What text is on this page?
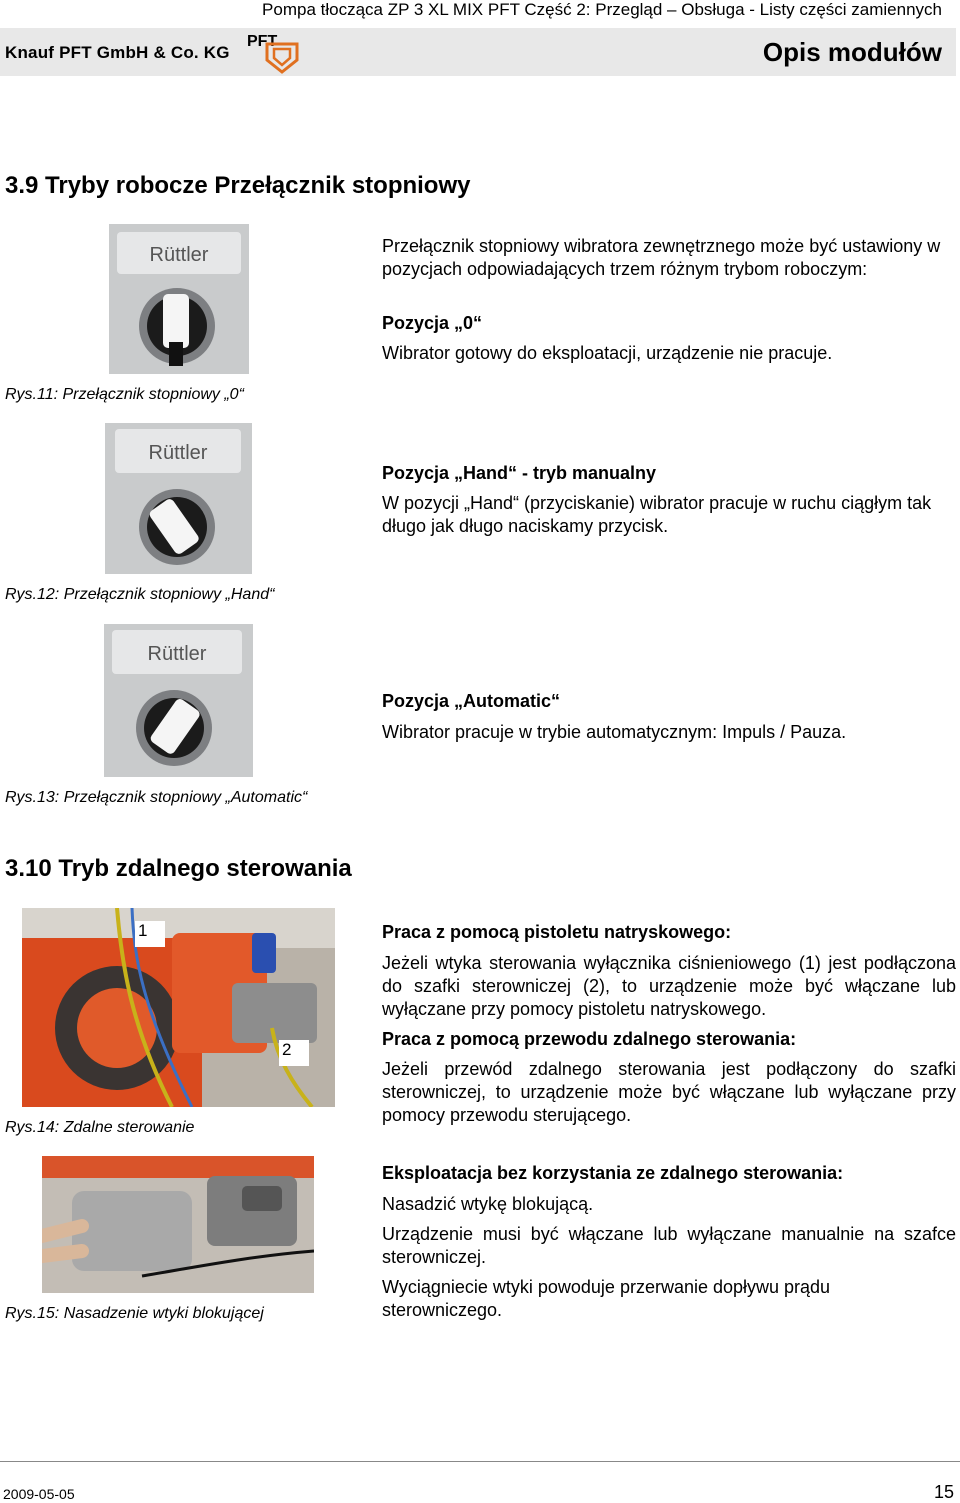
Pompa tłocząca ZP 3 XL MIX PFT Część 2: Przegląd – Obsługa - Listy części zamiennych
Knauf PFT GmbH & Co. KG
PFT	Opis modułów
3.9 Tryby robocze Przełącznik stopniowy
Rüttler
Rys.11: Przełącznik stopniowy „0“
Przełącznik stopniowy wibratora zewnętrznego może być ustawiony w pozycjach odpowiadających trzem różnym trybom roboczym:
Pozycja „0“
Wibrator gotowy do eksploatacji, urządzenie nie pracuje.
Rüttler
Rys.12: Przełącznik stopniowy „Hand“
Pozycja „Hand“ - tryb manualny
W pozycji „Hand“ (przyciskanie) wibrator pracuje w ruchu ciągłym tak długo jak długo naciskamy przycisk.
Rüttler
Rys.13: Przełącznik stopniowy „Automatic“
Pozycja „Automatic“
Wibrator pracuje w trybie automatycznym: Impuls / Pauza.
3.10 Tryb zdalnego sterowania
1
2
Rys.14: Zdalne sterowanie
Rys.15: Nasadzenie wtyki blokującej
Praca z pomocą pistoletu natryskowego:
Jeżeli wtyka sterowania wyłącznika ciśnieniowego (1) jest podłączona do szafki sterowniczej (2), to urządzenie może być włączane lub wyłączane przy pomocy pistoletu natryskowego.
Praca z pomocą przewodu zdalnego sterowania:
Jeżeli przewód zdalnego sterowania jest podłączony do szafki sterowniczej, to urządzenie może być włączane lub wyłączane przy pomocy przewodu sterującego.
Eksploatacja bez korzystania ze zdalnego sterowania:
Nasadzić wtykę blokującą.
Urządzenie musi być włączane lub wyłączane manualnie na szafce sterowniczej.
Wyciągniecie wtyki powoduje przerwanie dopływu prądu sterowniczego.
2009-05-05	15
